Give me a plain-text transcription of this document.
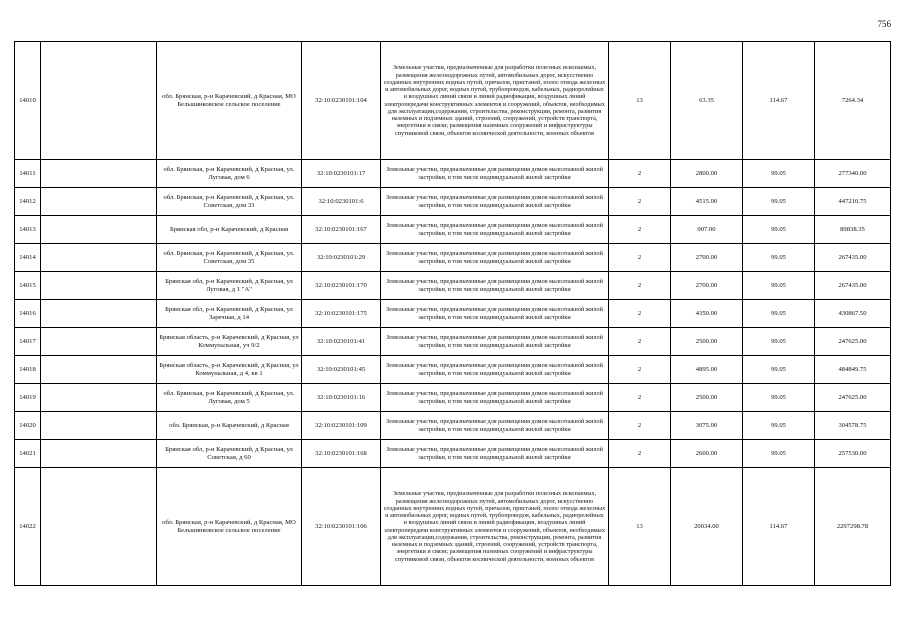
756
14010		обл. Брянская, р-н Карачевский, д Красная, МО Бельшинковское сельское поселение	32:10:0230101:104	Земельные участки, предназначенные для разработки полезных ископаемых, размещения железнодорожных путей, автомобильных дорог, искусственно созданных внутренних водных путей, причалов, пристаней, полос отвода железных и автомобильных дорог, водных путей, трубопроводов, кабельных, радиорелейных и воздушных линий связи и линий радиофикации, воздушных линий электропередачи конструктивных элементов и сооружений, объектов, необходимых для эксплуатации,содержания, строительства, реконструкции, ремонта, развития наземных и подземных зданий, строений, сооружений, устройств транспорта, энергетики и связи; размещения наземных сооружений и инфраструктуры спутниковой связи, объектов космической деятельности, военных объектов	13	63.35	114.67	7264.34
14011		обл. Брянская, р-н Карачевский, д Красная, ул. Луговая, дом 6	32:10:0230101:17	Земельные участки, предназначенные для размещения домов малоэтажной жилой застройки, в том числе индивидуальной жилой застройки	2	2800.00	99.05	277340.00
14012		обл. Брянская, р-н Карачевский, д Красная, ул. Советская, дом 33	32:10:0230101:6	Земельные участки, предназначенные для размещения домов малоэтажной жилой застройки, в том числе индивидуальной жилой застройки	2	4515.00	99.05	447210.75
14013		Брянская обл, р-н Карачевский, д Красная	32:10:0230101:167	Земельные участки, предназначенные для размещения домов малоэтажной жилой застройки, в том числе индивидуальной жилой застройки	2	907.00	99.05	89838.35
14014		обл. Брянская, р-н Карачевский, д Красная, ул. Советская, дом 35	32:10:0230101:29	Земельные участки, предназначенные для размещения домов малоэтажной жилой застройки, в том числе индивидуальной жилой застройки	2	2700.00	99.05	267435.00
14015		Брянская обл, р-н Карачевский, д Красная, ул Луговая, д 1 "А"	32:10:0230101:170	Земельные участки, предназначенные для размещения домов малоэтажной жилой застройки, в том числе индивидуальной жилой застройки	2	2700.00	99.05	267435.00
14016		Брянская обл, р-н Карачевский, д Красная, ул Заречная, д 14	32:10:0230101:175	Земельные участки, предназначенные для размещения домов малоэтажной жилой застройки, в том числе индивидуальной жилой застройки	2	4350.00	99.05	430867.50
14017		Брянская область, р-н Карачевский, д Красная, ул Коммунальная, уч 9/2	32:10:0230101:41	Земельные участки, предназначенные для размещения домов малоэтажной жилой застройки, в том числе индивидуальной жилой застройки	2	2500.00	99.05	247625.00
14018		Брянская область, р-н Карачевский, д Красная, ул Коммунальная, д 4, кв 1	32:10:0230101:45	Земельные участки, предназначенные для размещения домов малоэтажной жилой застройки, в том числе индивидуальной жилой застройки	2	4895.00	99.05	484849.75
14019		обл. Брянская, р-н Карачевский, д Красная, ул. Луговая, дом 5	32:10:0230101:16	Земельные участки, предназначенные для размещения домов малоэтажной жилой застройки, в том числе индивидуальной жилой застройки	2	2500.00	99.05	247625.00
14020		обл. Брянская, р-н Карачевский, д Красная	32:10:0230101:109	Земельные участки, предназначенные для размещения домов малоэтажной жилой застройки, в том числе индивидуальной жилой застройки	2	3075.00	99.05	304578.75
14021		Брянская обл, р-н Карачевский, д Красная, ул Советская, д 60	32:10:0230101:168	Земельные участки, предназначенные для размещения домов малоэтажной жилой застройки, в том числе индивидуальной жилой застройки	2	2600.00	99.05	257530.00
14022		обл. Брянская, р-н Карачевский, д Красная, МО Бельшинковское сельское поселение	32:10:0230101:106	Земельные участки, предназначенные для разработки полезных ископаемых, размещения железнодорожных путей, автомобильных дорог, искусственно созданных внутренних водных путей, причалов, пристаней, полос отвода железных и автомобильных дорог, водных путей, трубопроводов, кабельных, радиорелейных и воздушных линий связи и линий радиофикации, воздушных линий электропередачи конструктивных элементов и сооружений, объектов, необходимых для эксплуатации,содержания, строительства, реконструкции, ремонта, развития наземных и подземных зданий, строений, сооружений, устройств транспорта, энергетики и связи; размещения наземных сооружений и инфраструктуры спутниковой связи, объектов космической деятельности, военных объектов	13	20034.00	114.67	2297298.78
